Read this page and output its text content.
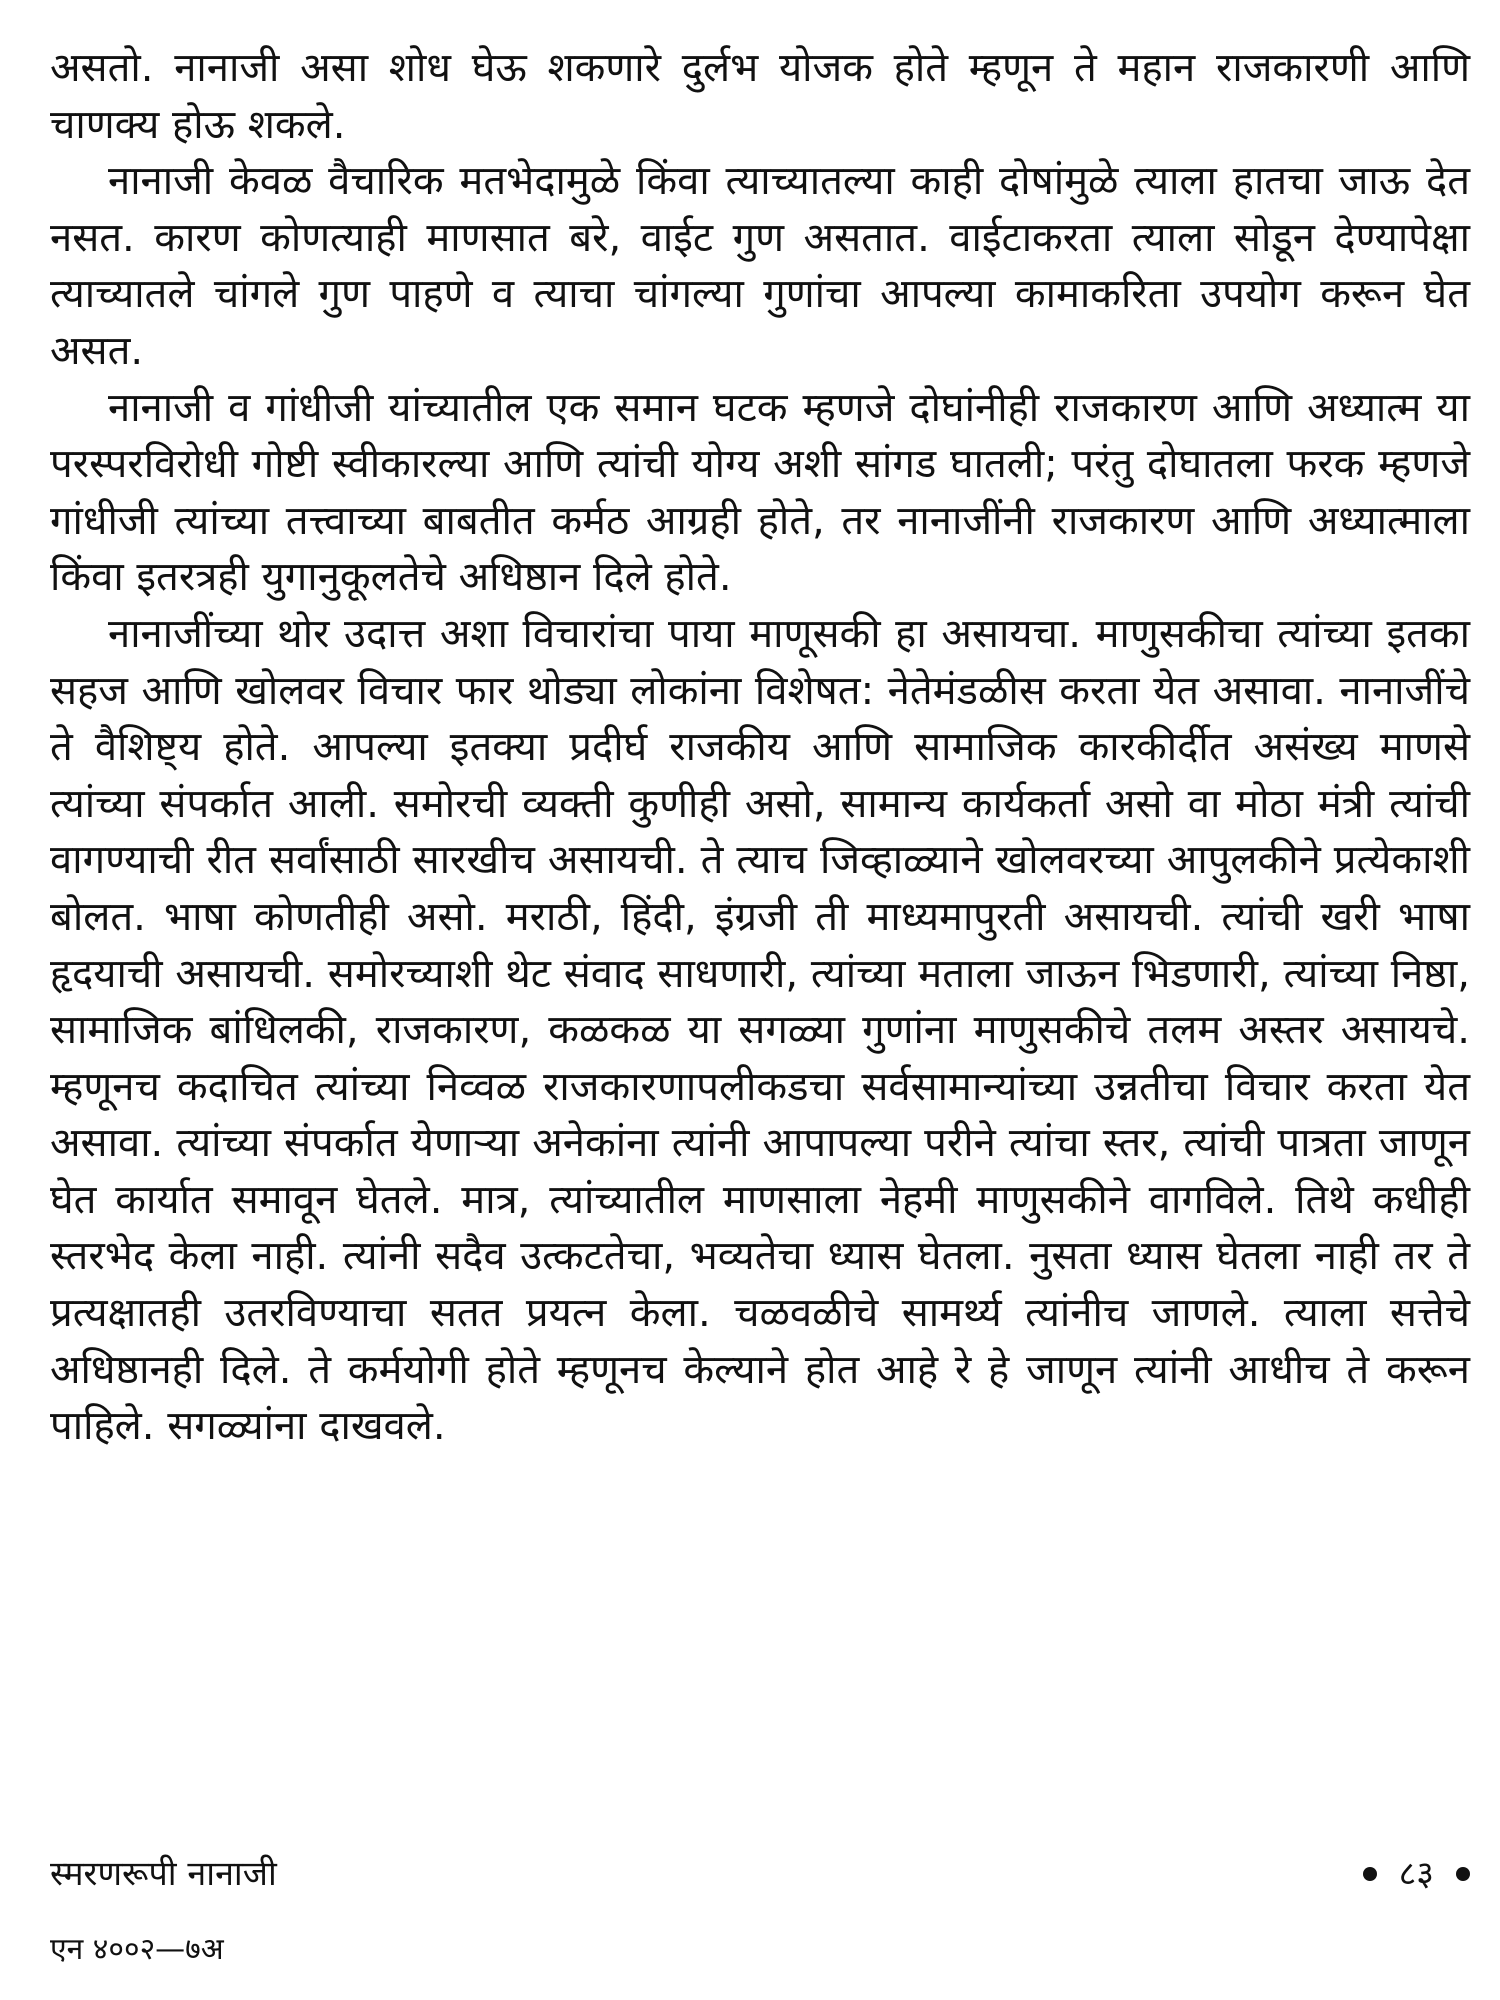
असतो. नानाजी असा शोध घेऊ शकणारे दुर्लभ योजक होते म्हणून ते महान राजकारणी आणि चाणक्य होऊ शकले.

नानाजी केवळ वैचारिक मतभेदामुळे किंवा त्याच्यातल्या काही दोषांमुळे त्याला हातचा जाऊ देत नसत. कारण कोणत्याही माणसात बरे, वाईट गुण असतात. वाईटाकरता त्याला सोडून देण्यापेक्षा त्याच्यातले चांगले गुण पाहणे व त्याचा चांगल्या गुणांचा आपल्या कामाकरिता उपयोग करून घेत असत.

नानाजी व गांधीजी यांच्यातील एक समान घटक म्हणजे दोघांनीही राजकारण आणि अध्यात्म या परस्परविरोधी गोष्टी स्वीकारल्या आणि त्यांची योग्य अशी सांगड घातली; परंतु दोघातला फरक म्हणजे गांधीजी त्यांच्या तत्त्वाच्या बाबतीत कर्मठ आग्रही होते, तर नानाजींनी राजकारण आणि अध्यात्माला किंवा इतरत्रही युगानुकूलतेचे अधिष्ठान दिले होते.

नानाजींच्या थोर उदात्त अशा विचारांचा पाया माणूसकी हा असायचा. माणुसकीचा त्यांच्या इतका सहज आणि खोलवर विचार फार थोड्या लोकांना विशेषत: नेतेमंडळीस करता येत असावा. नानाजींचे ते वैशिष्ट्य होते. आपल्या इतक्या प्रदीर्घ राजकीय आणि सामाजिक कारकीर्दीत असंख्य माणसे त्यांच्या संपर्कात आली. समोरची व्यक्ती कुणीही असो, सामान्य कार्यकर्ता असो वा मोठा मंत्री त्यांची वागण्याची रीत सर्वांसाठी सारखीच असायची. ते त्याच जिव्हाळ्याने खोलवरच्या आपुलकीने प्रत्येकाशी बोलत. भाषा कोणतीही असो. मराठी, हिंदी, इंग्रजी ती माध्यमापुरती असायची. त्यांची खरी भाषा हृदयाची असायची. समोरच्याशी थेट संवाद साधणारी, त्यांच्या मताला जाऊन भिडणारी, त्यांच्या निष्ठा, सामाजिक बांधिलकी, राजकारण, कळकळ या सगळ्या गुणांना माणुसकीचे तलम अस्तर असायचे. म्हणूनच कदाचित त्यांच्या निव्वळ राजकारणापलीकडचा सर्वसामान्यांच्या उन्नतीचा विचार करता येत असावा. त्यांच्या संपर्कात येणाऱ्या अनेकांना त्यांनी आपापल्या परीने त्यांचा स्तर, त्यांची पात्रता जाणून घेत कार्यात समावून घेतले. मात्र, त्यांच्यातील माणसाला नेहमी माणुसकीने वागविले. तिथे कधीही स्तरभेद केला नाही. त्यांनी सदैव उत्कटतेचा, भव्यतेचा ध्यास घेतला. नुसता ध्यास घेतला नाही तर ते प्रत्यक्षातही उतरविण्याचा सतत प्रयत्न केला. चळवळीचे सामर्थ्य त्यांनीच जाणले. त्याला सत्तेचे अधिष्ठानही दिले. ते कर्मयोगी होते म्हणूनच केल्याने होत आहे रे हे जाणून त्यांनी आधीच ते करून पाहिले. सगळ्यांना दाखवले.

स्मरणरूपी नानाजी	८३
एन ४००२—७अ
